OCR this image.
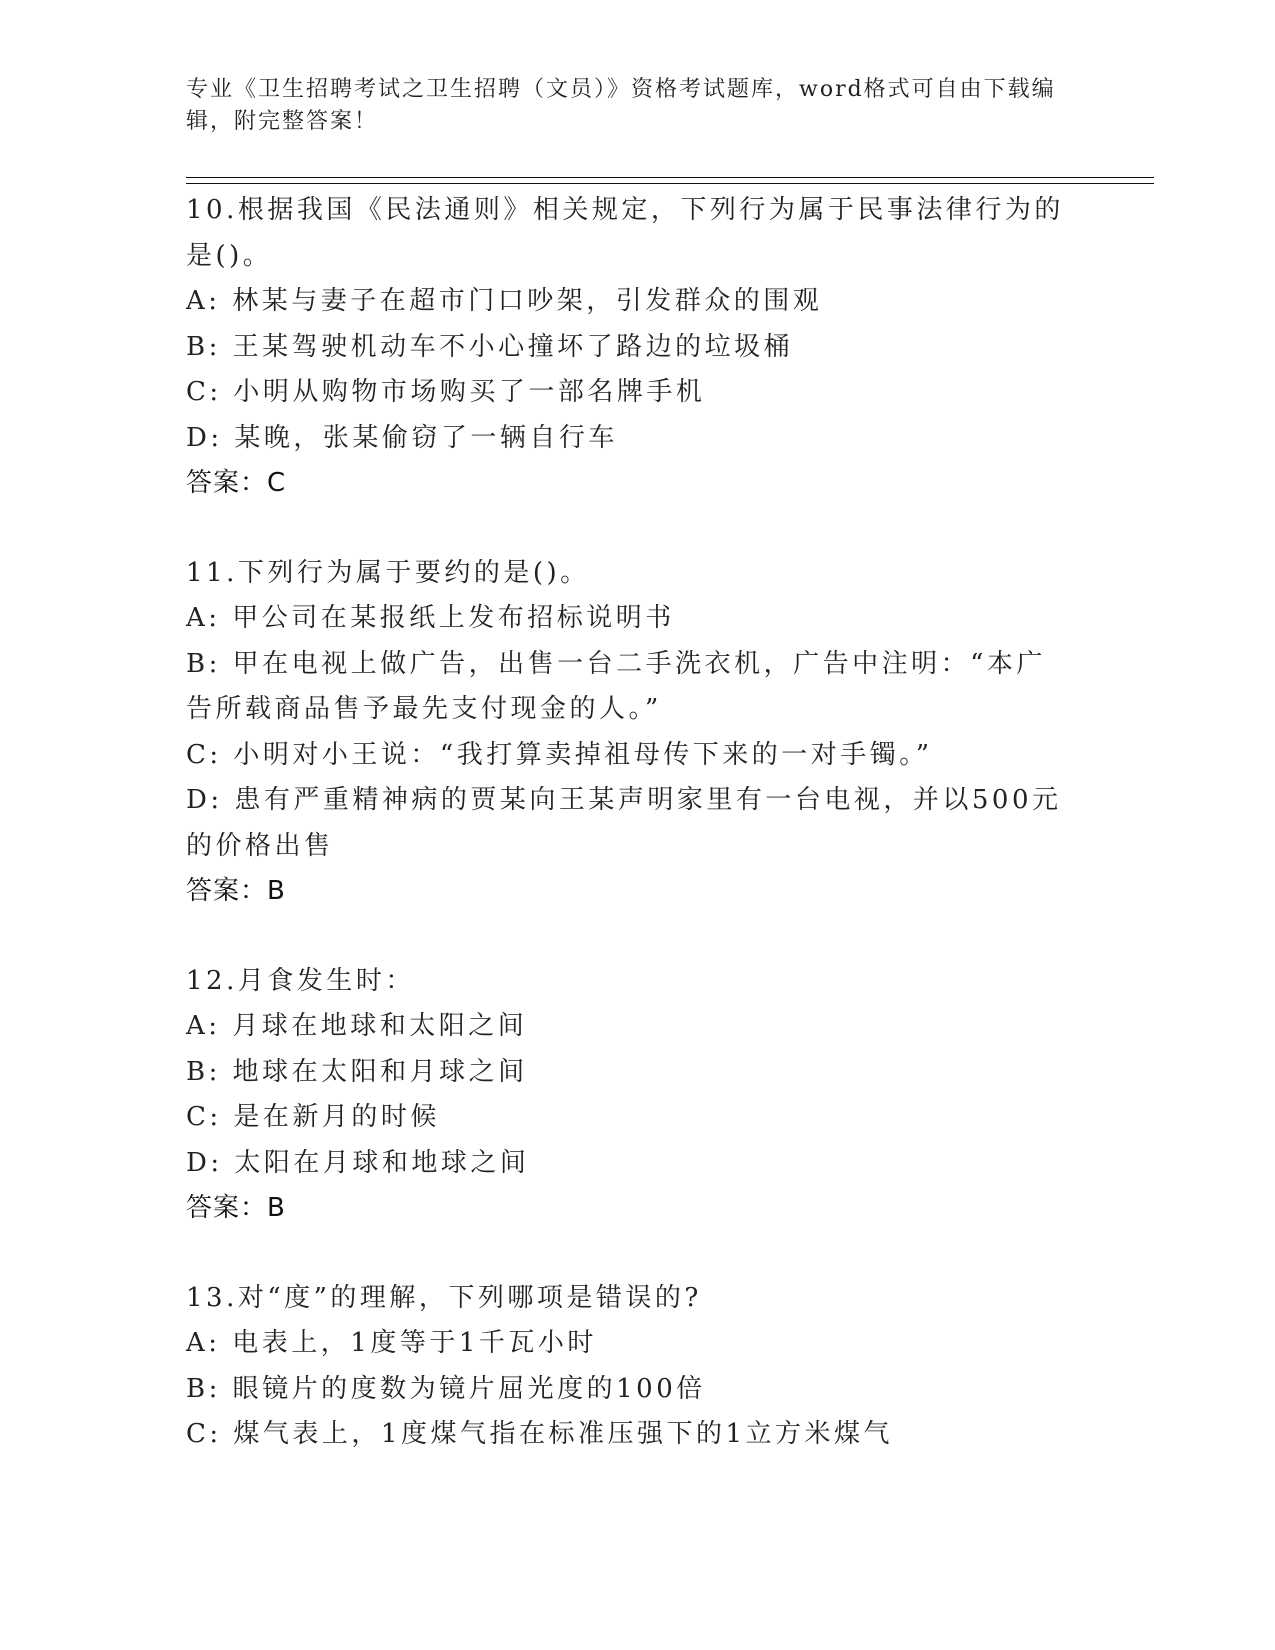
专业《卫生招聘考试之卫生招聘（文员）》资格考试题库，word格式可自由下载编辑，附完整答案！
10.根据我国《民法通则》相关规定，下列行为属于民事法律行为的是()。
A: 林某与妻子在超市门口吵架，引发群众的围观
B: 王某驾驶机动车不小心撞坏了路边的垃圾桶
C: 小明从购物市场购买了一部名牌手机
D: 某晚，张某偷窃了一辆自行车
答案：C
11.下列行为属于要约的是()。
A: 甲公司在某报纸上发布招标说明书
B: 甲在电视上做广告，出售一台二手洗衣机，广告中注明：“本广告所载商品售予最先支付现金的人。”
C: 小明对小王说：“我打算卖掉祖母传下来的一对手镯。”
D: 患有严重精神病的贾某向王某声明家里有一台电视，并以500元的价格出售
答案：B
12.月食发生时：
A: 月球在地球和太阳之间
B: 地球在太阳和月球之间
C: 是在新月的时候
D: 太阳在月球和地球之间
答案：B
13.对“度”的理解，下列哪项是错误的?
A: 电表上，1度等于1千瓦小时
B: 眼镜片的度数为镜片屈光度的100倍
C: 煤气表上，1度煤气指在标准压强下的1立方米煤气
